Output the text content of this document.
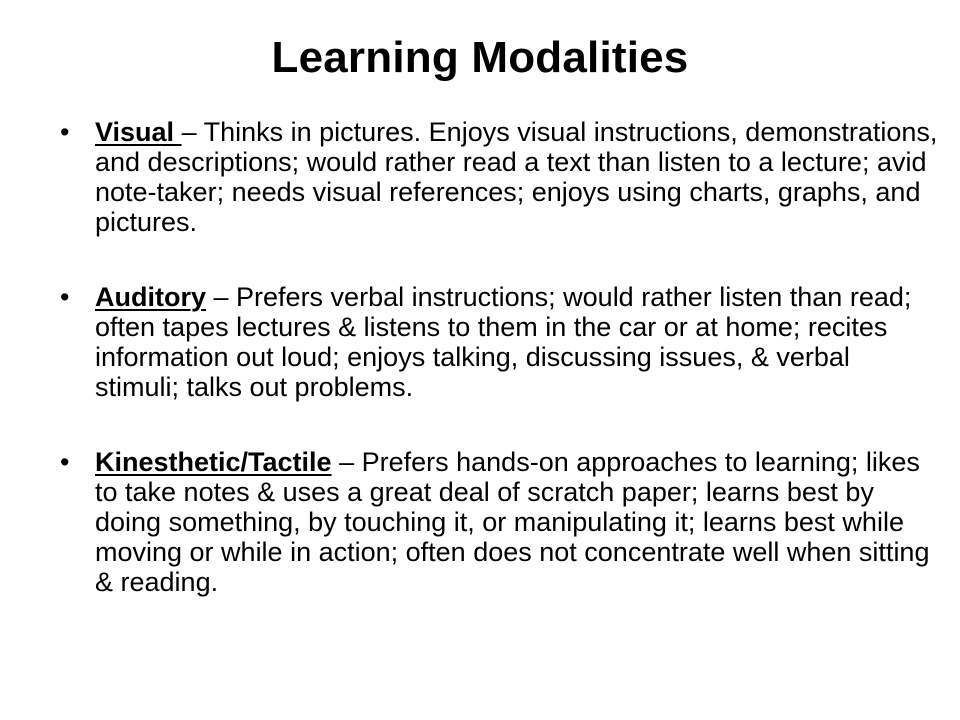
Learning Modalities
• Visual – Thinks in pictures. Enjoys visual instructions, demonstrations, and descriptions; would rather read a text than listen to a lecture; avid note-taker; needs visual references; enjoys using charts, graphs, and pictures.
• Auditory – Prefers verbal instructions; would rather listen than read; often tapes lectures & listens to them in the car or at home; recites information out loud; enjoys talking, discussing issues, & verbal stimuli; talks out problems.
• Kinesthetic/Tactile – Prefers hands-on approaches to learning; likes to take notes & uses a great deal of scratch paper; learns best by doing something, by touching it, or manipulating it; learns best while moving or while in action; often does not concentrate well when sitting & reading.
